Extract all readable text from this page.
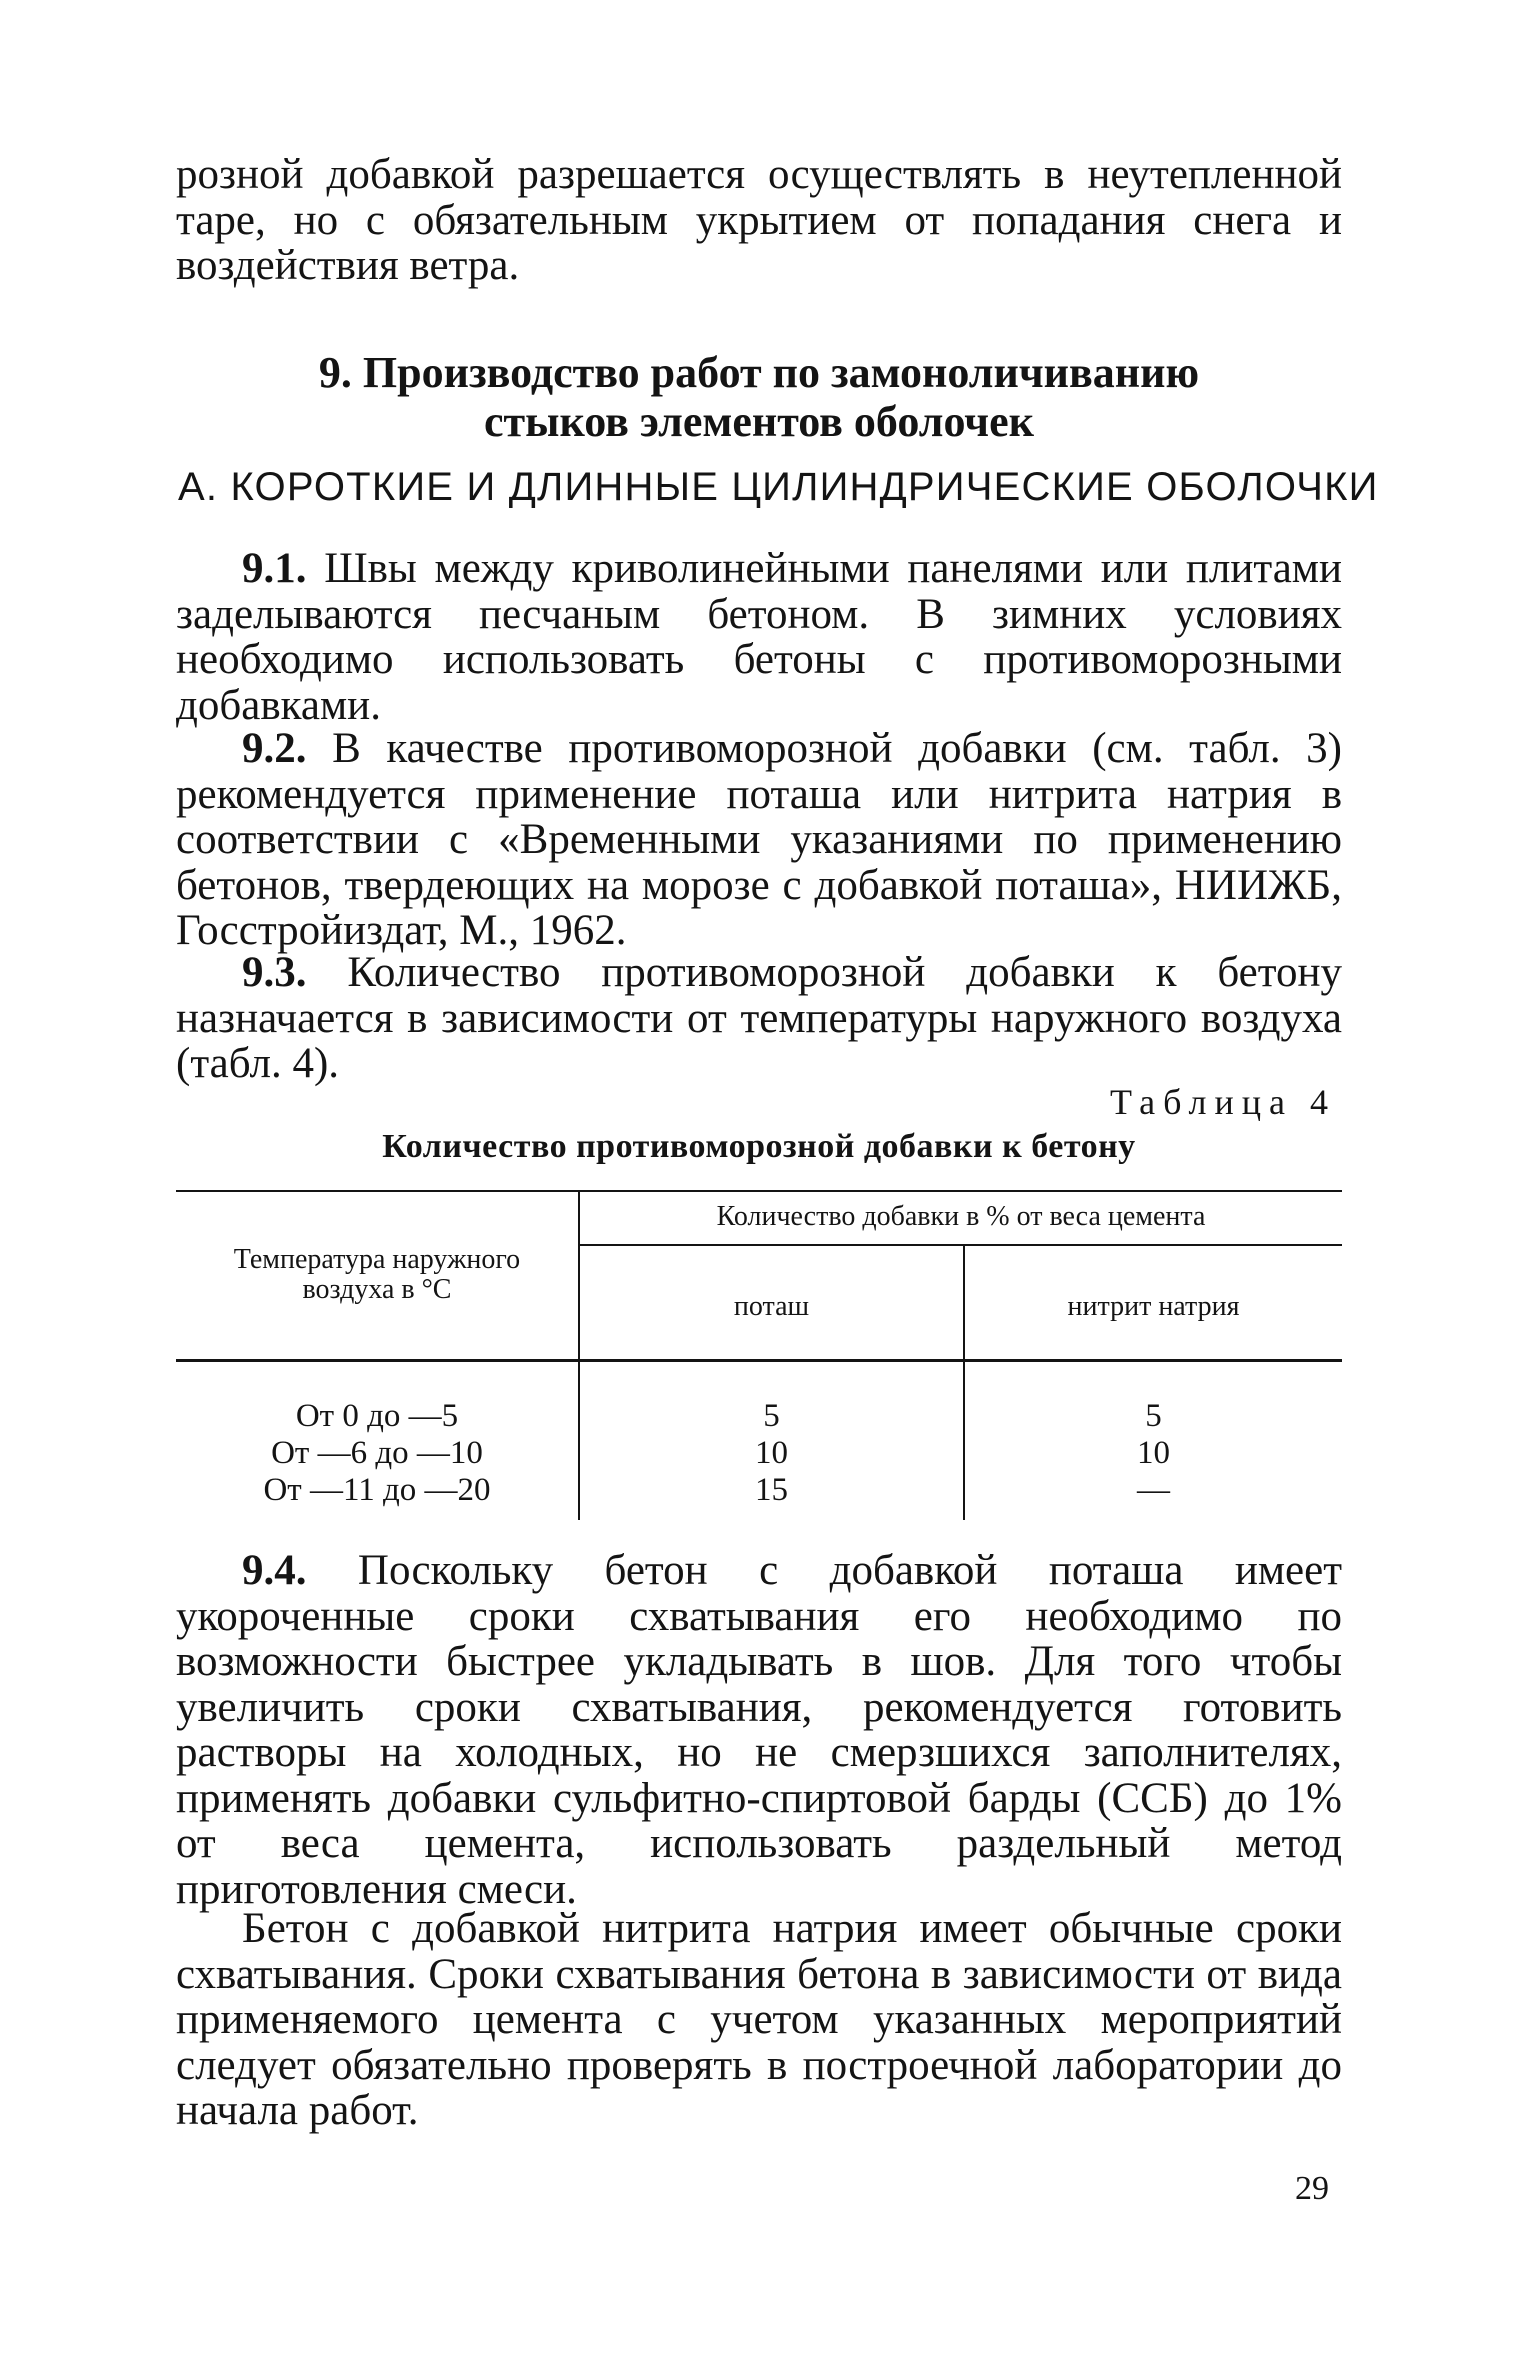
розной добавкой разрешается осуществлять в неутепленной таре, но с обязательным укрытием от попадания снега и воздействия ветра.

9. Производство работ по замоноличиванию
стыков элементов оболочек
А. КОРОТКИЕ И ДЛИННЫЕ ЦИЛИНДРИЧЕСКИЕ ОБОЛОЧКИ

9.1. Швы между криволинейными панелями или плитами заделываются песчаным бетоном. В зимних условиях необходимо использовать бетоны с противоморозными добавками.

9.2. В качестве противоморозной добавки (см. табл. 3) рекомендуется применение поташа или нитрита натрия в соответствии с «Временными указаниями по применению бетонов, твердеющих на морозе с добавкой поташа», НИИЖБ, Госстройиздат, М., 1962.

9.3. Количество противоморозной добавки к бетону назначается в зависимости от температуры наружного воздуха (табл. 4).

Таблица 4

Количество противоморозной добавки к бетону

Температура наружного
воздуха в °С
Количество добавки в % от веса цемента
поташ	нитрит натрия
От 0 до —5
От —6 до —10
От —11 до —20
5
10
15
5
10
—

9.4. Поскольку бетон с добавкой поташа имеет укороченные сроки схватывания его необходимо по возможности быстрее укладывать в шов. Для того чтобы увеличить сроки схватывания, рекомендуется готовить растворы на холодных, но не смерзшихся заполнителях, применять добавки сульфитно-спиртовой барды (ССБ) до 1% от веса цемента, использовать раздельный метод приготовления смеси.

Бетон с добавкой нитрита натрия имеет обычные сроки схватывания. Сроки схватывания бетона в зависимости от вида применяемого цемента с учетом указанных мероприятий следует обязательно проверять в построечной лаборатории до начала работ.

29
